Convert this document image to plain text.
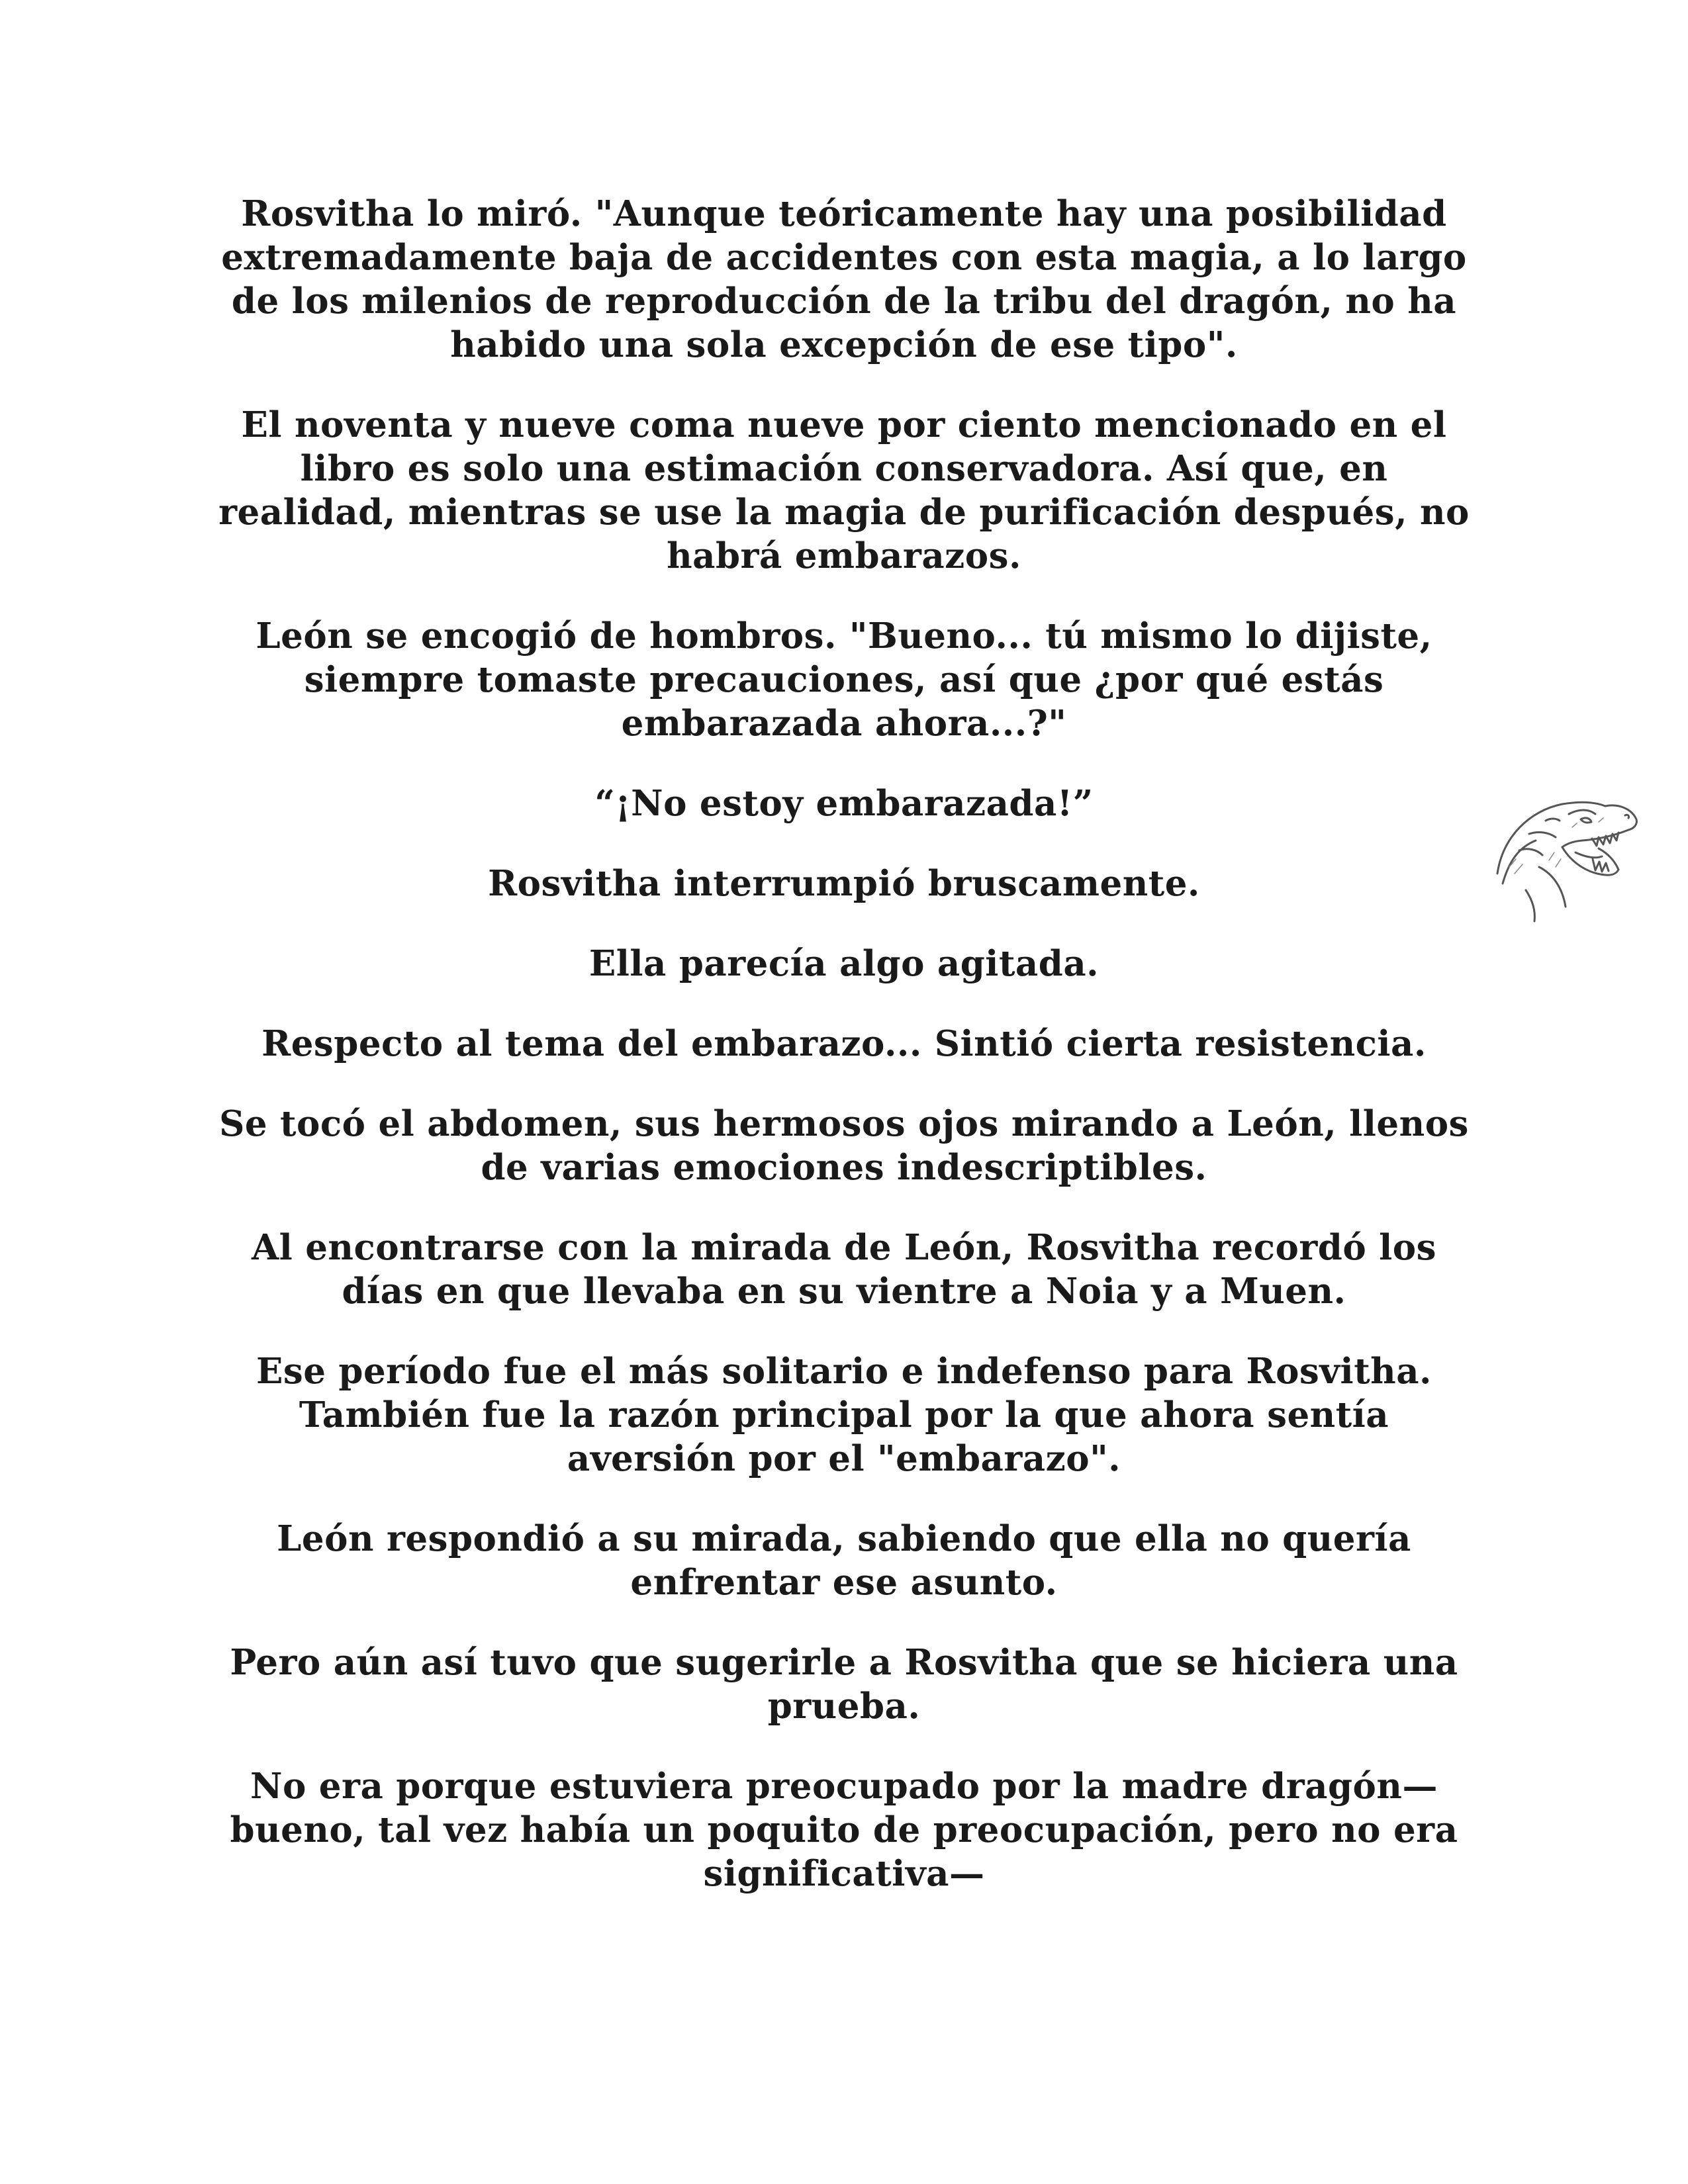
Rosvitha lo miró. "Aunque teóricamente hay una posibilidad extremadamente baja de accidentes con esta magia, a lo largo de los milenios de reproducción de la tribu del dragón, no ha habido una sola excepción de ese tipo".

El noventa y nueve coma nueve por ciento mencionado en el libro es solo una estimación conservadora. Así que, en realidad, mientras se use la magia de purificación después, no habrá embarazos.

León se encogió de hombros. "Bueno... tú mismo lo dijiste, siempre tomaste precauciones, así que ¿por qué estás embarazada ahora...?"

“¡No estoy embarazada!”

Rosvitha interrumpió bruscamente.

Ella parecía algo agitada.

Respecto al tema del embarazo... Sintió cierta resistencia.

Se tocó el abdomen, sus hermosos ojos mirando a León, llenos de varias emociones indescriptibles.

Al encontrarse con la mirada de León, Rosvitha recordó los días en que llevaba en su vientre a Noia y a Muen.

Ese período fue el más solitario e indefenso para Rosvitha. También fue la razón principal por la que ahora sentía aversión por el "embarazo".

León respondió a su mirada, sabiendo que ella no quería enfrentar ese asunto.

Pero aún así tuvo que sugerirle a Rosvitha que se hiciera una prueba.

No era porque estuviera preocupado por la madre dragón—bueno, tal vez había un poquito de preocupación, pero no era significativa—
